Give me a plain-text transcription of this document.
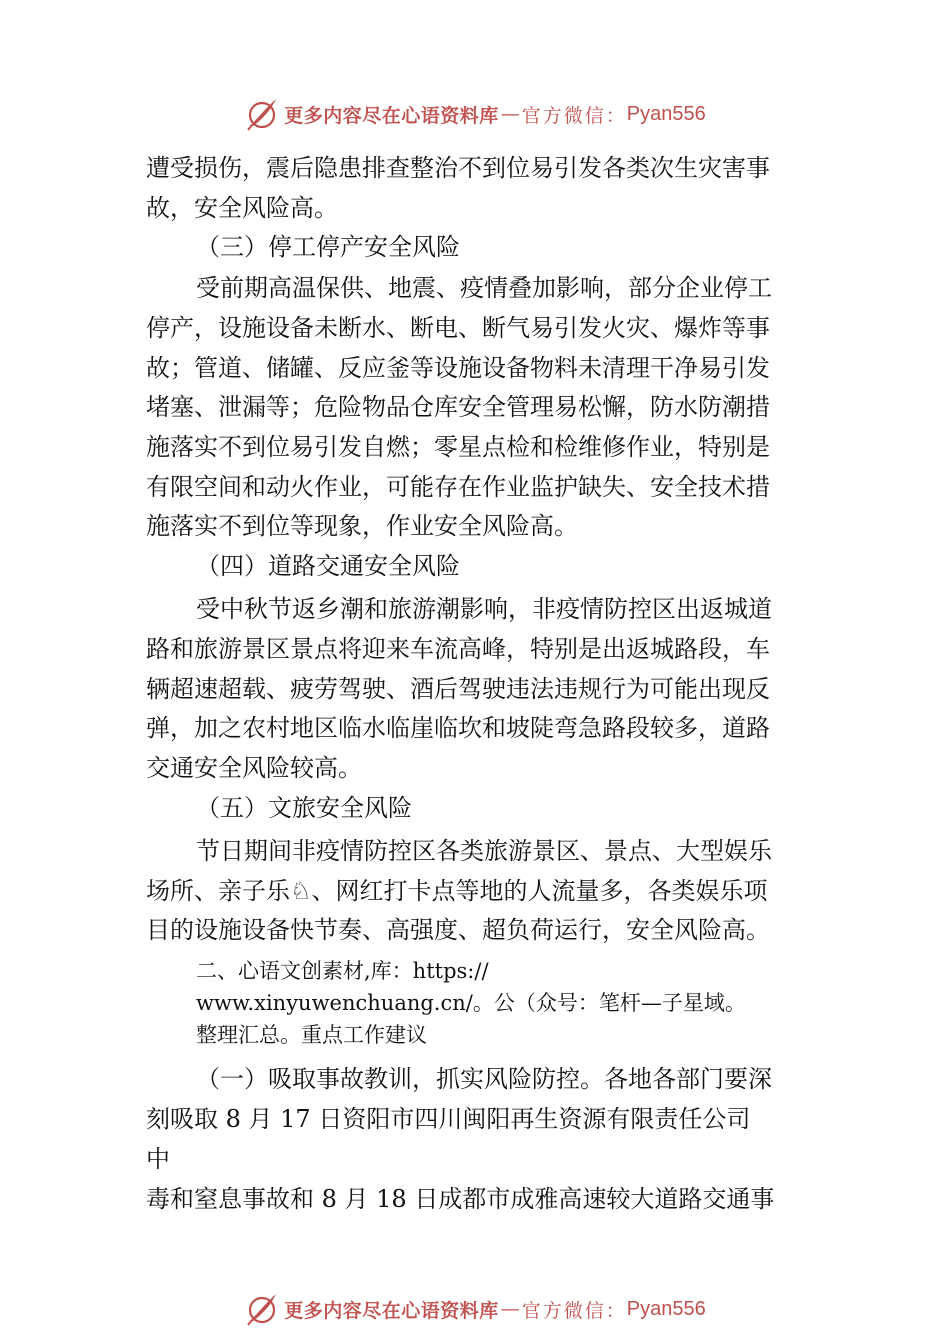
更多内容尽在心语资料库 — 官方微信： Pyan556
遭受损伤，震后隐患排查整治不到位易引发各类次生灾害事
故，安全风险高。
（三）停工停产安全风险
受前期高温保供、地震、疫情叠加影响，部分企业停工
停产，设施设备未断水、断电、断气易引发火灾、爆炸等事
故；管道、储罐、反应釜等设施设备物料未清理干净易引发
堵塞、泄漏等；危险物品仓库安全管理易松懈，防水防潮措
施落实不到位易引发自燃；零星点检和检维修作业，特别是
有限空间和动火作业，可能存在作业监护缺失、安全技术措
施落实不到位等现象，作业安全风险高。
（四）道路交通安全风险
受中秋节返乡潮和旅游潮影响，非疫情防控区出返城道
路和旅游景区景点将迎来车流高峰，特别是出返城路段，车
辆超速超载、疲劳驾驶、酒后驾驶违法违规行为可能出现反
弹，加之农村地区临水临崖临坎和坡陡弯急路段较多，道路
交通安全风险较高。
（五）文旅安全风险
节日期间非疫情防控区各类旅游景区、景点、大型娱乐
场所、亲子乐♘、网红打卡点等地的人流量多，各类娱乐项
目的设施设备快节奏、高强度、超负荷运行，安全风险高。
二、心语文创素材,库：https://
www.xinyuwenchuang.cn/。公（众号：笔杆—子星域。
整理汇总。重点工作建议
（一）吸取事故教训，抓实风险防控。各地各部门要深
刻吸取 8 月 17 日资阳市四川闽阳再生资源有限责任公司
中
毒和窒息事故和 8 月 18 日成都市成雅高速较大道路交通事
更多内容尽在心语资料库 — 官方微信： Pyan556
